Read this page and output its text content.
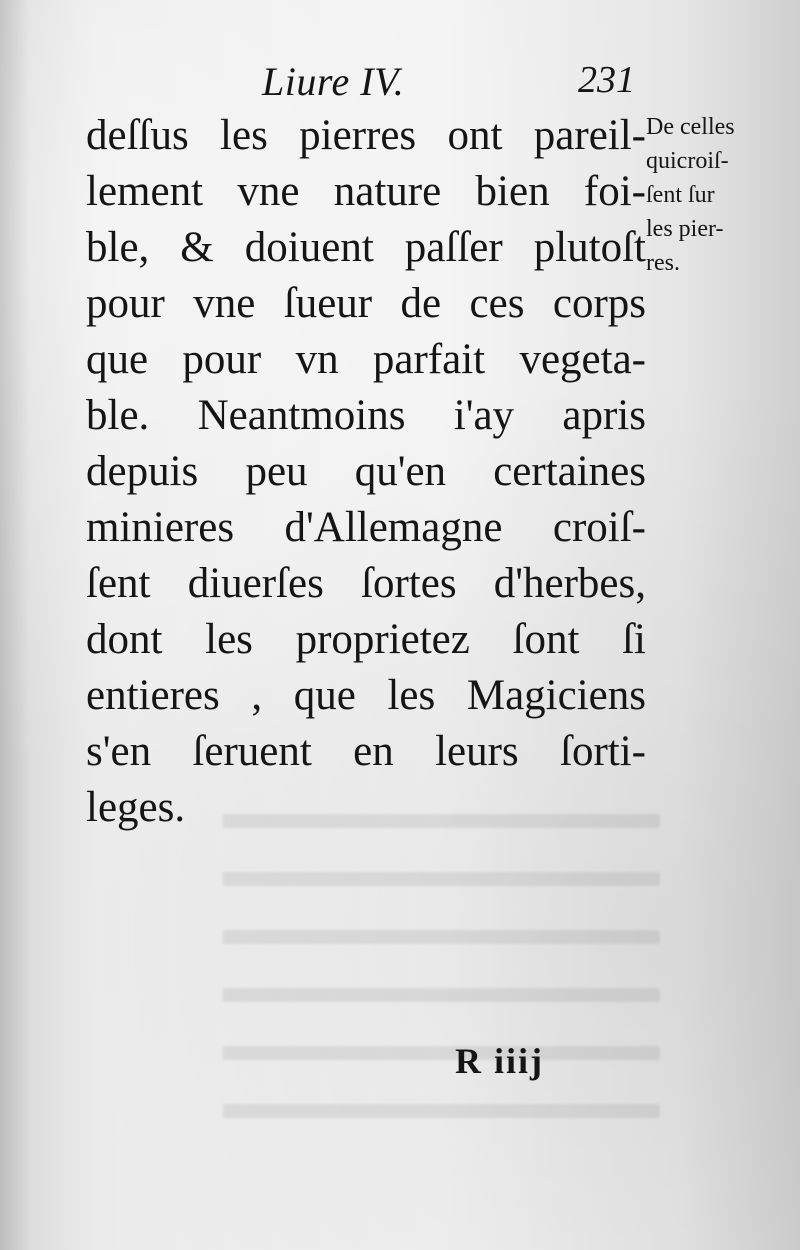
Liure IV.	231
deſſus les pierres ont pareil-
lement vne nature bien foi-
ble, & doiuent paſſer plutoſt
pour vne ſueur de ces corps
que pour vn parfait vegeta-
ble. Neantmoins i'ay apris
depuis peu qu'en certaines
minieres d'Allemagne croiſ-
ſent diuerſes ſortes d'herbes,
dont les proprietez ſont ſi
entieres , que les Magiciens
s'en ſeruent en leurs ſorti-
leges.
De celles
quicroiſ-
ſent ſur
les pier-
res.
R iiij
